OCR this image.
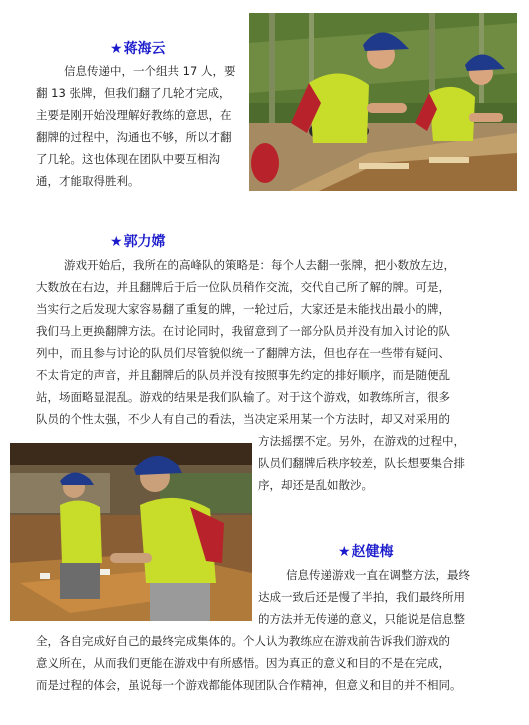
★蒋海云
信息传递中，一个组共 17 人，要
翻 13 张牌，但我们翻了几轮才完成，
主要是刚开始没理解好教练的意思，在
翻牌的过程中，沟通也不够，所以才翻
了几轮。这也体现在团队中要互相沟
通，才能取得胜利。
★郭力嫦
游戏开始后，我所在的高峰队的策略是：每个人去翻一张牌，把小数放左边，
大数放在右边，并且翻牌后于后一位队员稍作交流，交代自己所了解的牌。可是，
当实行之后发现大家容易翻了重复的牌，一轮过后，大家还是未能找出最小的牌，
我们马上更换翻牌方法。在讨论同时，我留意到了一部分队员并没有加入讨论的队
列中，而且参与讨论的队员们尽管貌似统一了翻牌方法，但也存在一些带有疑问、
不太肯定的声音，并且翻牌后的队员并没有按照事先约定的排好顺序，而是随便乱
站，场面略显混乱。游戏的结果是我们队输了。对于这个游戏，如教练所言，很多
队员的个性太强，不少人有自己的看法，当决定采用某一个方法时，却又对采用的
方法摇摆不定。另外，在游戏的过程中，
队员们翻牌后秩序较差，队长想要集合排
序，却还是乱如散沙。
★赵健梅
信息传递游戏一直在调整方法，最终
达成一致后还是慢了半拍，我们最终所用
的方法并无传递的意义，只能说是信息整
全，各自完成好自己的最终完成集体的。个人认为教练应在游戏前告诉我们游戏的
意义所在，从而我们更能在游戏中有所感悟。因为真正的意义和目的不是在完成，
而是过程的体会，虽说每一个游戏都能体现团队合作精神，但意义和目的并不相同。
